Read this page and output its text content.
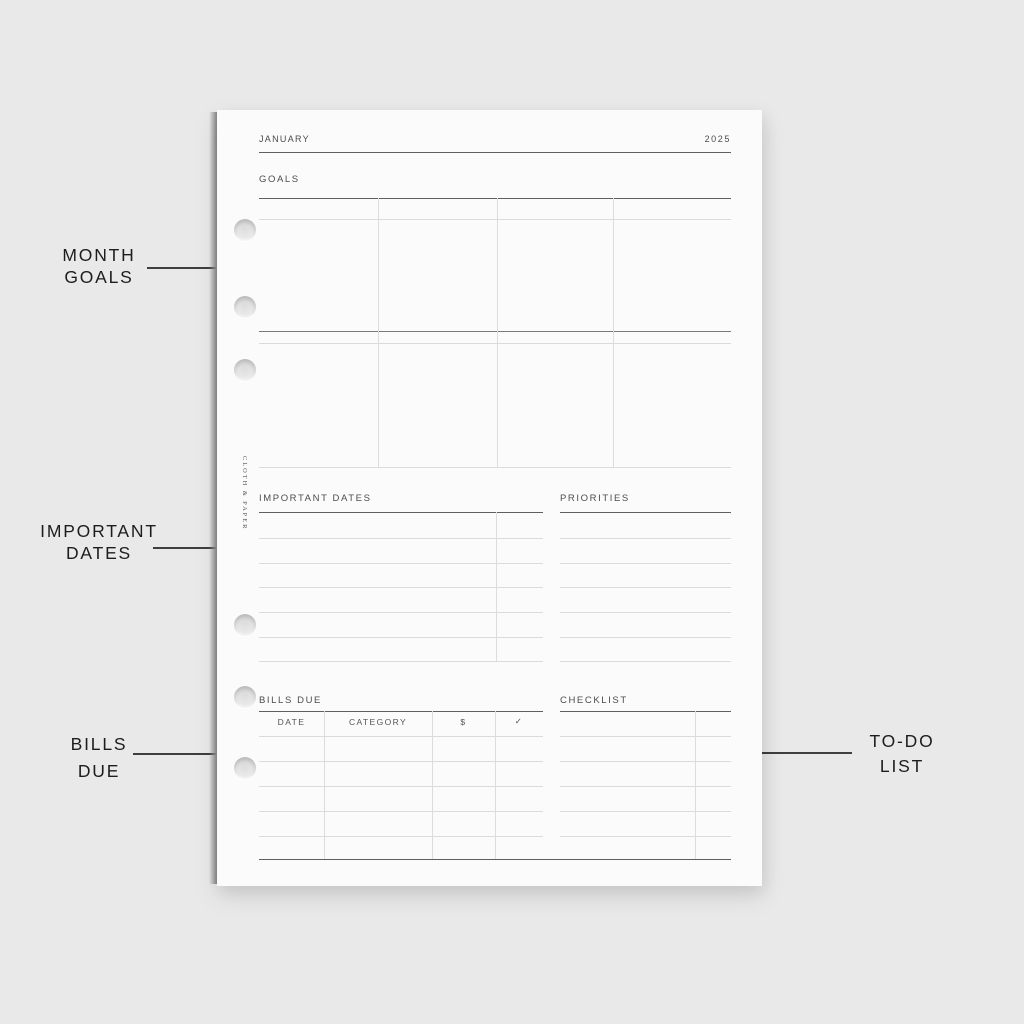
MONTH
GOALS
IMPORTANT
DATES
BILLS
DUE
TO-DO
LIST
CLOTH & PAPER
JANUARY	2025
GOALS
IMPORTANT DATES	PRIORITIES
BILLS DUE
DATE	CATEGORY	$	✓
CHECKLIST
